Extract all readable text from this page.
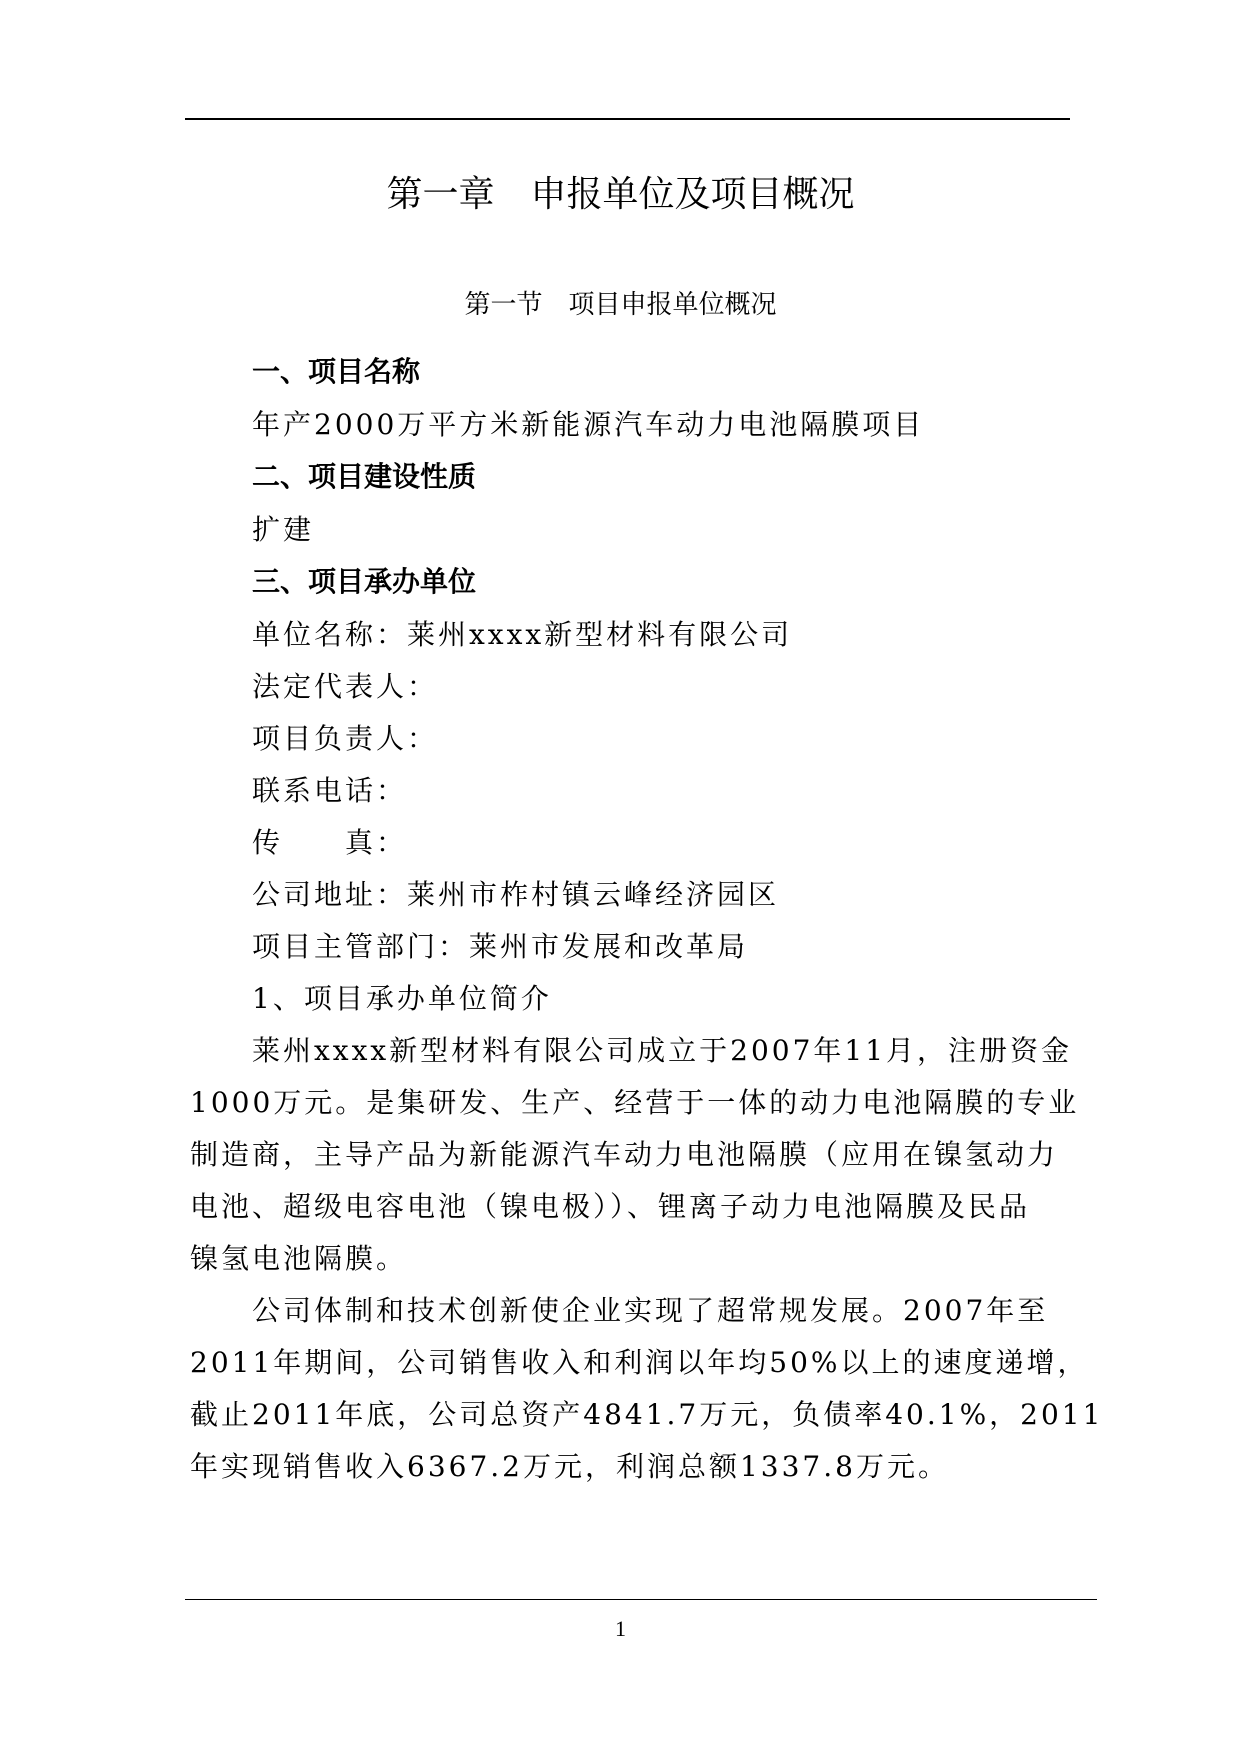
第一章　申报单位及项目概况
第一节　项目申报单位概况
一、项目名称
年产2000万平方米新能源汽车动力电池隔膜项目
二、项目建设性质
扩建
三、项目承办单位
单位名称：莱州xxxx新型材料有限公司
法定代表人：
项目负责人：
联系电话：
传　　真：
公司地址：莱州市柞村镇云峰经济园区
项目主管部门：莱州市发展和改革局
1、项目承办单位简介
莱州xxxx新型材料有限公司成立于2007年11月，注册资金
1000万元。是集研发、生产、经营于一体的动力电池隔膜的专业
制造商，主导产品为新能源汽车动力电池隔膜（应用在镍氢动力
电池、超级电容电池（镍电极））、锂离子动力电池隔膜及民品
镍氢电池隔膜。
公司体制和技术创新使企业实现了超常规发展。2007年至
2011年期间，公司销售收入和利润以年均50%以上的速度递增，
截止2011年底，公司总资产4841.7万元，负债率40.1%，2011
年实现销售收入6367.2万元，利润总额1337.8万元。
1
